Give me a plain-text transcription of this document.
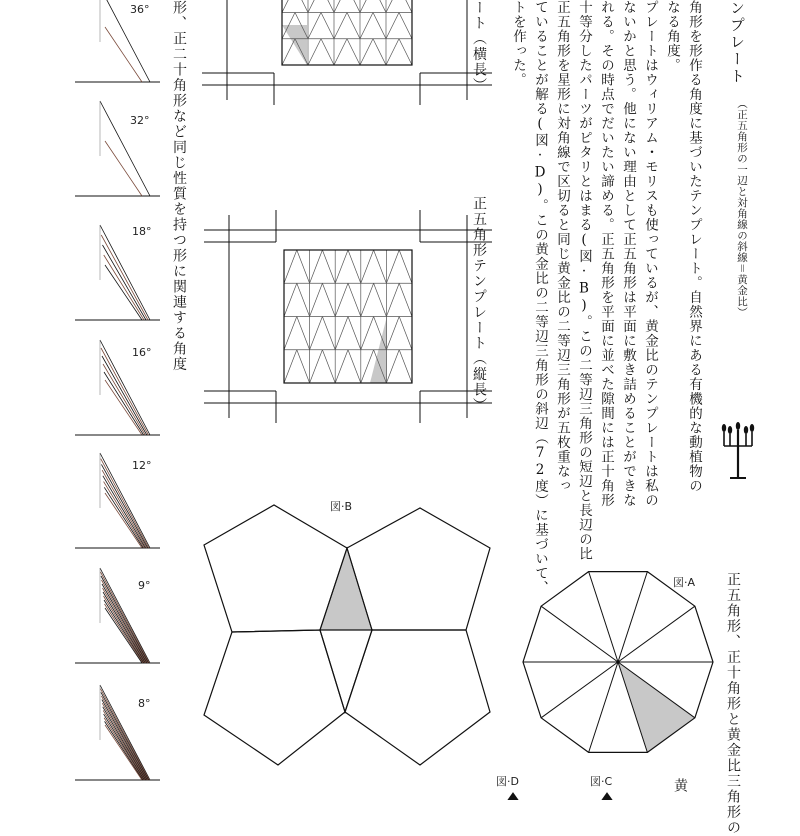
36°
32°
18°
16°
12°
9°
8°
形、正二十角形など同じ性質を持つ形に関連する角度	ート（横長）
正五角形テンプレート（縦長）
ンプレート
（正五角形の一辺と対角線の斜線＝黄金比）
角形を形作る角度に基づいたテンプレート。自然界にある有機的な動植物の
なる角度。
プレートはウィリアム・モリスも使っているが、黄金比のテンプレートは私の
ないかと思う。他にない理由として正五角形は平面に敷き詰めることができな
れる。その時点でだいたい諦める。正五角形を平面に並べた隙間には正十角形
十等分したパーツがピタリとはまる(図·B)。この二等辺三角形の短辺と長辺の比
正五角形を星形に対角線で区切ると同じ黄金比の二等辺三角形が五枚重なっ
ていることが解る(図·D)。この黄金比の二等辺三角形の斜辺（72度）に基づいて、
トを作った。
正五角形、正十角形と黄金比三角形の
黄
図·B
図·A
図·D	図·C
